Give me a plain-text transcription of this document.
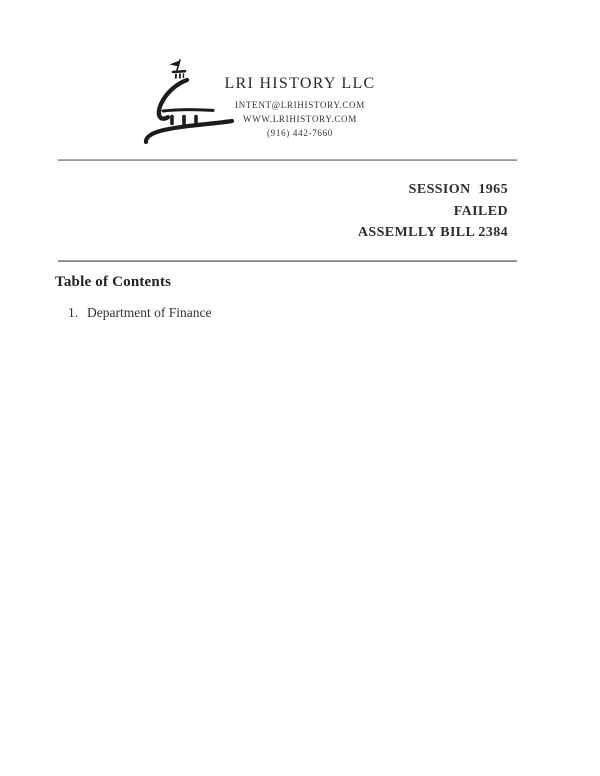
LRI HISTORY LLC
INTENT@LRIHISTORY.COM
WWW.LRIHISTORY.COM
(916) 442-7660
SESSION  1965
FAILED
ASSEMLLY BILL 2384
Table of Contents
1. Department of Finance
